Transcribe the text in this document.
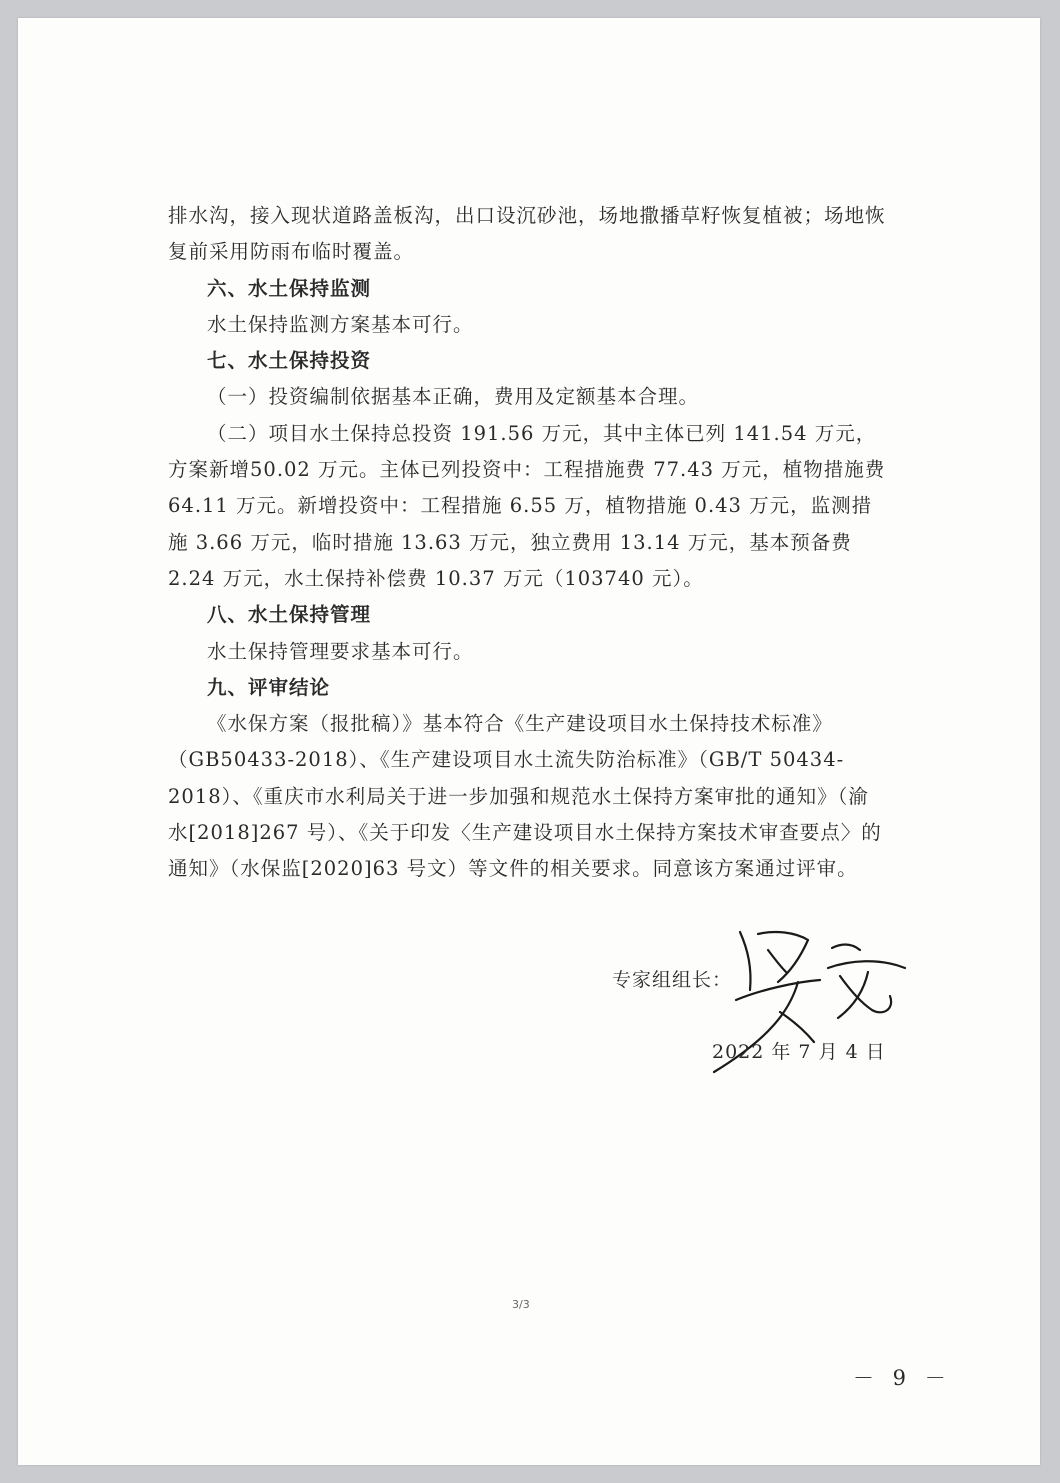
排水沟，接入现状道路盖板沟，出口设沉砂池，场地撒播草籽恢复植被；场地恢复前采用防雨布临时覆盖。

六、水土保持监测

水土保持监测方案基本可行。

七、水土保持投资

（一）投资编制依据基本正确，费用及定额基本合理。

（二）项目水土保持总投资 191.56 万元，其中主体已列 141.54 万元，方案新增50.02 万元。主体已列投资中：工程措施费 77.43 万元，植物措施费 64.11 万元。新增投资中：工程措施 6.55 万，植物措施 0.43 万元，监测措施 3.66 万元，临时措施 13.63 万元，独立费用 13.14 万元，基本预备费 2.24 万元，水土保持补偿费 10.37 万元（103740 元）。

八、水土保持管理

水土保持管理要求基本可行。

九、评审结论

《水保方案（报批稿）》基本符合《生产建设项目水土保持技术标准》（GB50433-2018）、《生产建设项目水土流失防治标准》（GB/T 50434-2018）、《重庆市水利局关于进一步加强和规范水土保持方案审批的通知》（渝水[2018]267 号）、《关于印发〈生产建设项目水土保持方案技术审查要点〉的通知》（水保监[2020]63 号文）等文件的相关要求。同意该方案通过评审。

专家组组长：
2022 年 7 月 4 日
3/3
－ 9 －
